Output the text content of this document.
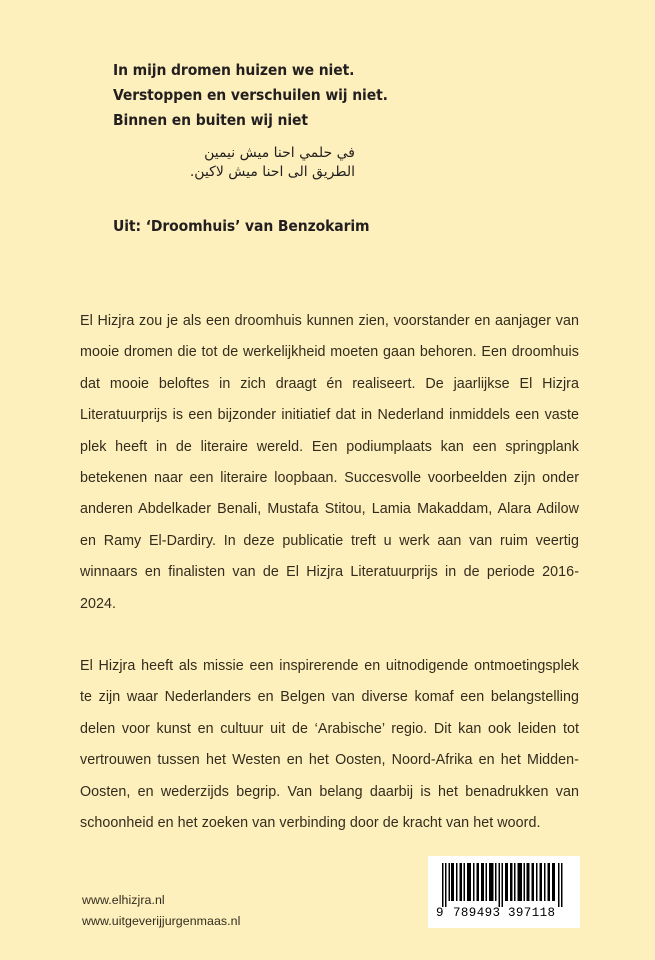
In mijn dromen huizen we niet.
Verstoppen en verschuilen wij niet.
Binnen en buiten wij niet
في حلمي احنا ميش نيمين
الطريق الى احنا ميش لاكين.
Uit: ‘Droomhuis’ van Benzokarim

El Hizjra zou je als een droomhuis kunnen zien, voorstander en aanjager van mooie dromen die tot de werkelijkheid moeten gaan behoren. Een droomhuis dat mooie beloftes in zich draagt én realiseert. De jaarlijkse El Hizjra Literatuurprijs is een bijzonder initiatief dat in Nederland inmiddels een vaste plek heeft in de literaire wereld. Een podiumplaats kan een springplank betekenen naar een literaire loopbaan. Succesvolle voorbeelden zijn onder anderen Abdelkader Benali, Mustafa Stitou, Lamia Makaddam, Alara Adilow en Ramy El-Dardiry. In deze publicatie treft u werk aan van ruim veertig winnaars en finalisten van de El Hizjra Literatuurprijs in de periode 2016-2024.

El Hizjra heeft als missie een inspirerende en uitnodigende ontmoetingsplek te zijn waar Nederlanders en Belgen van diverse komaf een belangstelling delen voor kunst en cultuur uit de ‘Arabische’ regio. Dit kan ook leiden tot vertrouwen tussen het Westen en het Oosten, Noord-Afrika en het Midden-Oosten, en wederzijds begrip. Van belang daarbij is het benadrukken van schoonheid en het zoeken van verbinding door de kracht van het woord.

www.elhizjra.nl
www.uitgeverijjurgenmaas.nl
9 789493 397118
